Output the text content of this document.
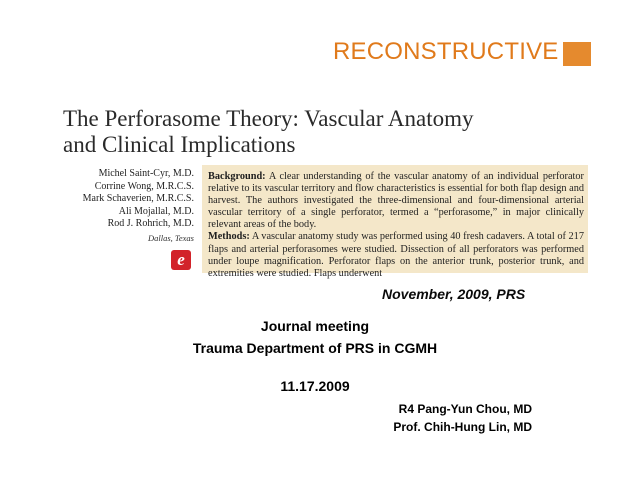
RECONSTRUCTIVE
The Perforasome Theory: Vascular Anatomy
and Clinical Implications
Michel Saint-Cyr, M.D.
Corrine Wong, M.R.C.S.
Mark Schaverien, M.R.C.S.
Ali Mojallal, M.D.
Rod J. Rohrich, M.D.
Dallas, Texas
e
Background: A clear understanding of the vascular anatomy of an individual perforator relative to its vascular territory and flow characteristics is essential for both flap design and harvest. The authors investigated the three-dimensional and four-dimensional arterial vascular territory of a single perforator, termed a “perforasome,” in major clinically relevant areas of the body.
Methods: A vascular anatomy study was performed using 40 fresh cadavers. A total of 217 flaps and arterial perforasomes were studied. Dissection of all perforators was performed under loupe magnification. Perforator flaps on the anterior trunk, posterior trunk, and extremities were studied. Flaps underwent
November, 2009, PRS
Journal meeting
Trauma Department of PRS in CGMH
11.17.2009
R4 Pang-Yun Chou, MD
Prof. Chih-Hung Lin, MD
